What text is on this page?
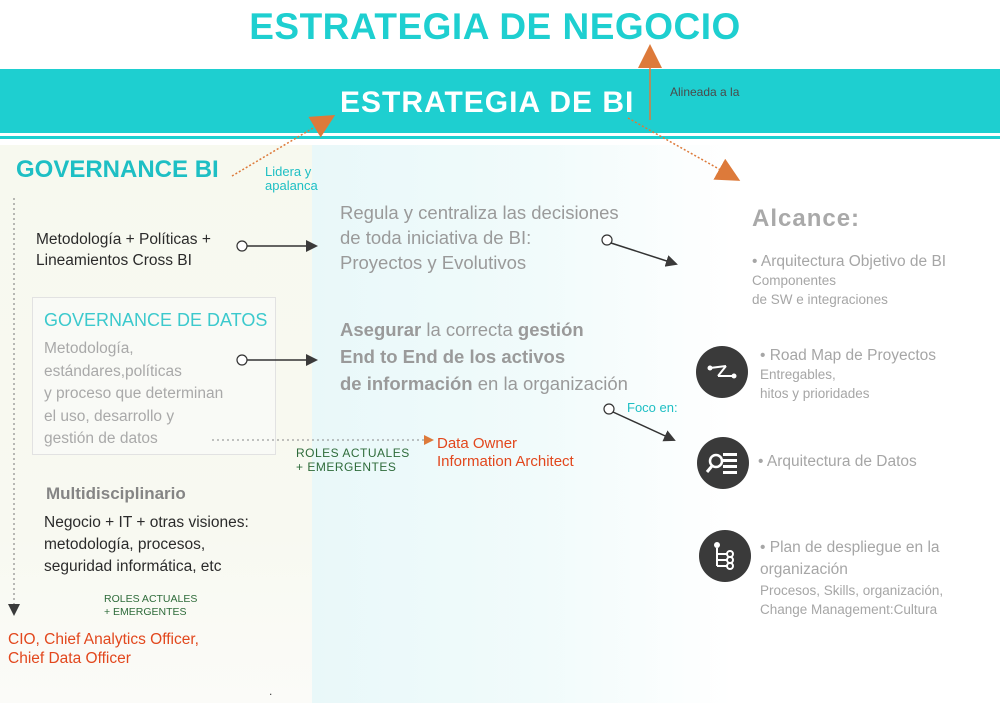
ESTRATEGIA DE NEGOCIO
ESTRATEGIA DE BI	Alineada a la
GOVERNANCE BI	Lidera y
apalanca
Metodología + Políticas +
Lineamientos Cross BI
GOVERNANCE DE DATOS
Metodología,
estándares,políticas
y proceso que determinan
el uso, desarrollo y
gestión de datos
ROLES ACTUALES
+ EMERGENTES
Data Owner
Information Architect
Multidisciplinario
Negocio + IT + otras visiones:
metodología, procesos,
seguridad informática, etc
ROLES ACTUALES
+ EMERGENTES
CIO, Chief Analytics Officer,
Chief Data Officer
.
Regula y centraliza las decisiones
de toda iniciativa de BI:
Proyectos y Evolutivos
Asegurar la correcta gestión
End to End de los activos
de información en la organización
Foco en:
Alcance:
• Arquitectura Objetivo de BI
Componentes
de SW e integraciones
• Road Map de Proyectos
Entregables,
hitos y prioridades
• Arquitectura de Datos
• Plan de despliegue en la
organización
Procesos, Skills, organización,
Change Management:Cultura
